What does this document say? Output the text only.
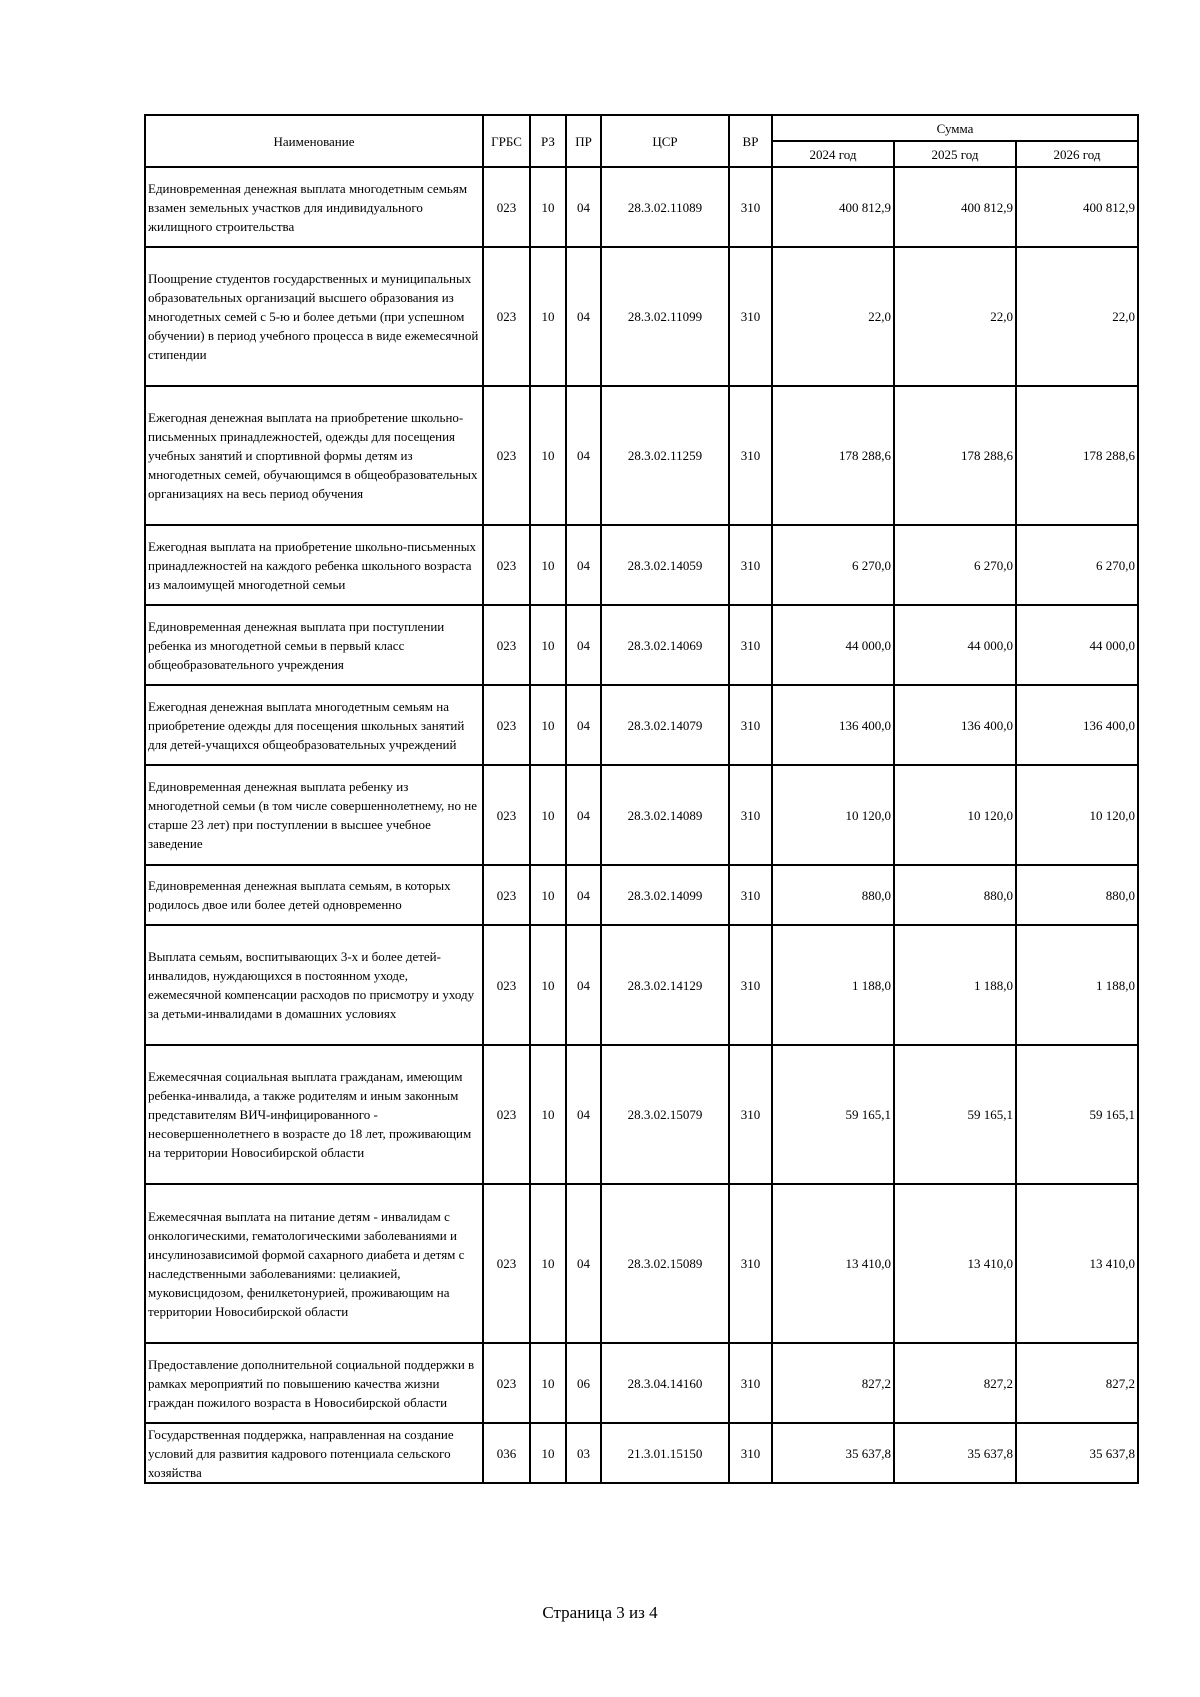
Наименование	ГРБС	РЗ	ПР	ЦСР	ВР	Сумма		
						2024 год	2025 год	2026 год
Единовременная денежная выплата многодетным семьям взамен земельных участков для индивидуального жилищного строительства	023	10	04	28.3.02.11089	310	400 812,9	400 812,9	400 812,9
Поощрение студентов государственных и муниципальных образовательных организаций высшего образования из многодетных семей с 5-ю и более детьми (при успешном обучении) в период учебного процесса в виде ежемесячной стипендии	023	10	04	28.3.02.11099	310	22,0	22,0	22,0
Ежегодная денежная выплата на приобретение школьно-письменных принадлежностей, одежды для посещения учебных занятий и спортивной формы детям из многодетных семей, обучающимся в общеобразовательных организациях на весь период обучения	023	10	04	28.3.02.11259	310	178 288,6	178 288,6	178 288,6
Ежегодная выплата на приобретение школьно-письменных принадлежностей на каждого ребенка школьного возраста из малоимущей многодетной семьи	023	10	04	28.3.02.14059	310	6 270,0	6 270,0	6 270,0
Единовременная денежная выплата при поступлении ребенка из многодетной семьи в первый класс общеобразовательного учреждения	023	10	04	28.3.02.14069	310	44 000,0	44 000,0	44 000,0
Ежегодная денежная выплата многодетным семьям на приобретение одежды для посещения школьных занятий для детей-учащихся общеобразовательных учреждений	023	10	04	28.3.02.14079	310	136 400,0	136 400,0	136 400,0
Единовременная денежная выплата ребенку из многодетной семьи (в том числе совершеннолетнему, но не старше 23 лет) при поступлении в высшее учебное заведение	023	10	04	28.3.02.14089	310	10 120,0	10 120,0	10 120,0
Единовременная денежная выплата семьям, в которых родилось двое или более детей одновременно	023	10	04	28.3.02.14099	310	880,0	880,0	880,0
Выплата семьям, воспитывающих 3-х и более детей-инвалидов, нуждающихся в постоянном уходе, ежемесячной компенсации расходов по присмотру и уходу за детьми-инвалидами в домашних условиях	023	10	04	28.3.02.14129	310	1 188,0	1 188,0	1 188,0
Ежемесячная социальная выплата гражданам, имеющим ребенка-инвалида, а также родителям и иным законным представителям ВИЧ-инфицированного - несовершеннолетнего в возрасте до 18 лет, проживающим на территории Новосибирской области	023	10	04	28.3.02.15079	310	59 165,1	59 165,1	59 165,1
Ежемесячная выплата на питание детям - инвалидам с онкологическими, гематологическими заболеваниями и инсулинозависимой формой сахарного диабета и детям с наследственными заболеваниями: целиакией, муковисцидозом, фенилкетонурией, проживающим на территории Новосибирской области	023	10	04	28.3.02.15089	310	13 410,0	13 410,0	13 410,0
Предоставление дополнительной социальной поддержки в рамках мероприятий по повышению качества жизни граждан пожилого возраста в Новосибирской области	023	10	06	28.3.04.14160	310	827,2	827,2	827,2
Государственная поддержка, направленная на создание условий для развития кадрового потенциала сельского хозяйства	036	10	03	21.3.01.15150	310	35 637,8	35 637,8	35 637,8
Страница 3 из 4
